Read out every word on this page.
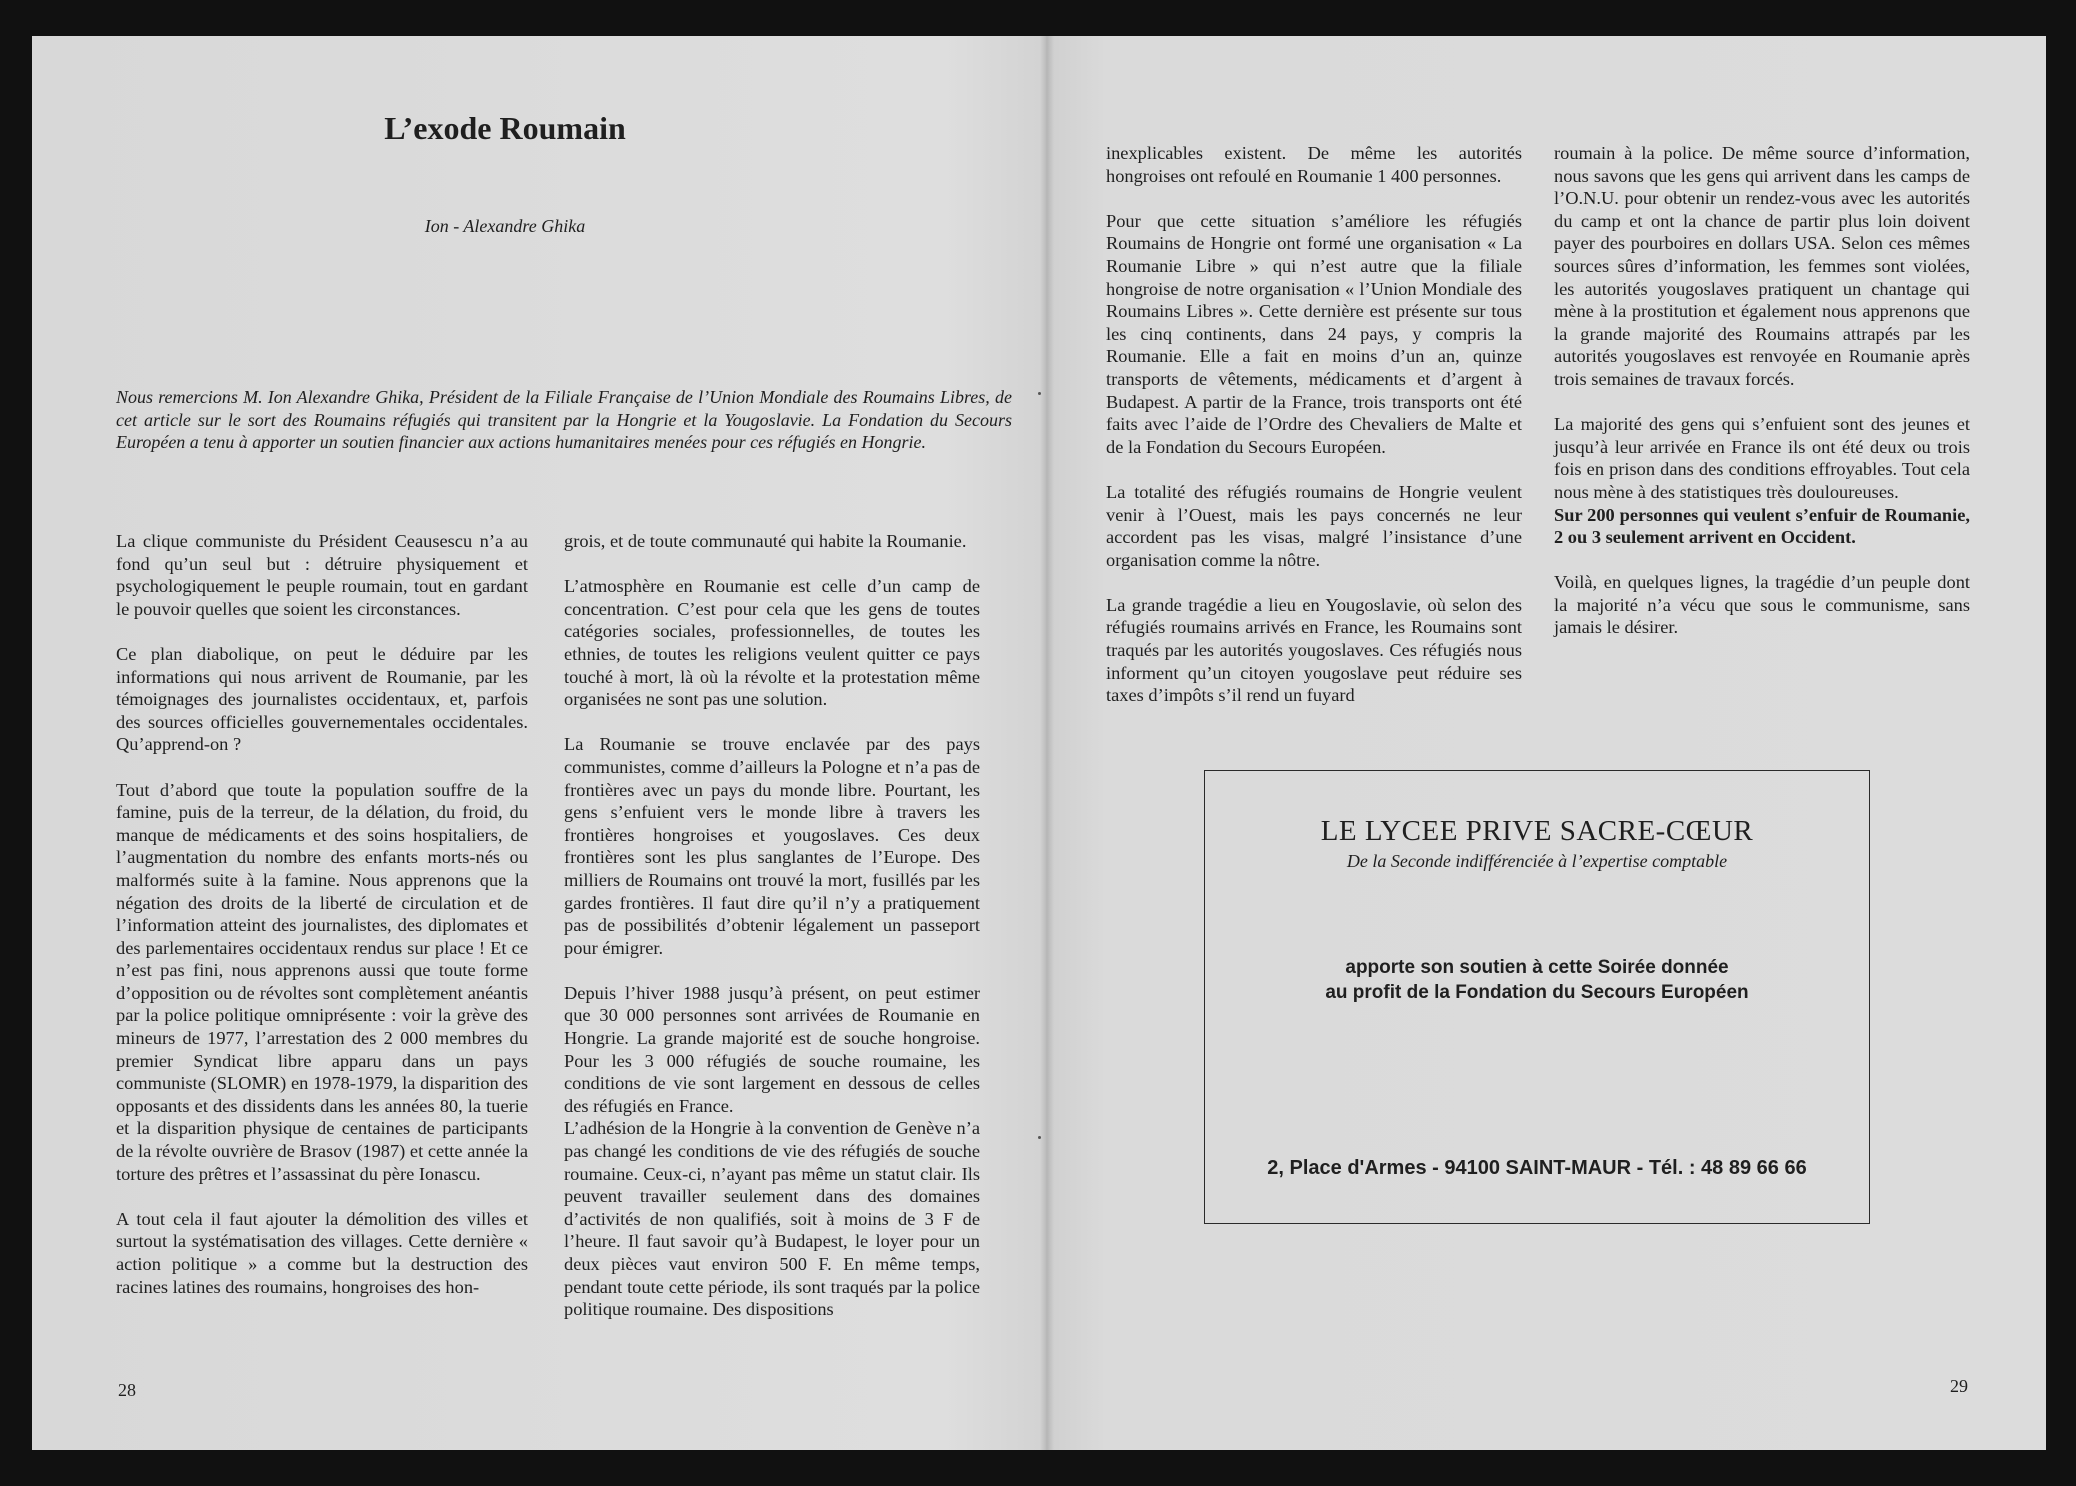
L’exode Roumain
Ion - Alexandre Ghika
Nous remercions M. Ion Alexandre Ghika, Président de la Filiale Française de l’Union Mondiale des Roumains Libres, de cet article sur le sort des Roumains réfugiés qui transitent par la Hongrie et la Yougoslavie. La Fondation du Secours Européen a tenu à apporter un soutien financier aux actions humanitaires menées pour ces réfugiés en Hongrie.

La clique communiste du Président Ceausescu n’a au fond qu’un seul but : détruire physiquement et psychologiquement le peuple roumain, tout en gardant le pouvoir quelles que soient les circonstances.

Ce plan diabolique, on peut le déduire par les informations qui nous arrivent de Roumanie, par les témoignages des journalistes occidentaux, et, parfois des sources officielles gouvernementales occidentales. Qu’apprend-on ?

Tout d’abord que toute la population souffre de la famine, puis de la terreur, de la délation, du froid, du manque de médicaments et des soins hospitaliers, de l’augmentation du nombre des enfants morts-nés ou malformés suite à la famine. Nous apprenons que la négation des droits de la liberté de circulation et de l’information atteint des journalistes, des diplomates et des parlementaires occidentaux rendus sur place ! Et ce n’est pas fini, nous apprenons aussi que toute forme d’opposition ou de révoltes sont complètement anéantis par la police politique omniprésente : voir la grève des mineurs de 1977, l’arrestation des 2 000 membres du premier Syndicat libre apparu dans un pays communiste (SLOMR) en 1978-1979, la disparition des opposants et des dissidents dans les années 80, la tuerie et la disparition physique de centaines de participants de la révolte ouvrière de Brasov (1987) et cette année la torture des prêtres et l’assassinat du père Ionascu.

A tout cela il faut ajouter la démolition des villes et surtout la systématisation des villages. Cette dernière « action politique » a comme but la destruction des racines latines des roumains, hongroises des hon-

grois, et de toute communauté qui habite la Roumanie.

L’atmosphère en Roumanie est celle d’un camp de concentration. C’est pour cela que les gens de toutes catégories sociales, professionnelles, de toutes les ethnies, de toutes les religions veulent quitter ce pays touché à mort, là où la révolte et la protestation même organisées ne sont pas une solution.

La Roumanie se trouve enclavée par des pays communistes, comme d’ailleurs la Pologne et n’a pas de frontières avec un pays du monde libre. Pourtant, les gens s’enfuient vers le monde libre à travers les frontières hongroises et yougoslaves. Ces deux frontières sont les plus sanglantes de l’Europe. Des milliers de Roumains ont trouvé la mort, fusillés par les gardes frontières. Il faut dire qu’il n’y a pratiquement pas de possibilités d’obtenir légalement un passeport pour émigrer.

Depuis l’hiver 1988 jusqu’à présent, on peut estimer que 30 000 personnes sont arrivées de Roumanie en Hongrie. La grande majorité est de souche hongroise. Pour les 3 000 réfugiés de souche roumaine, les conditions de vie sont largement en dessous de celles des réfugiés en France.

L’adhésion de la Hongrie à la convention de Genève n’a pas changé les conditions de vie des réfugiés de souche roumaine. Ceux-ci, n’ayant pas même un statut clair. Ils peuvent travailler seulement dans des domaines d’activités de non qualifiés, soit à moins de 3 F de l’heure. Il faut savoir qu’à Budapest, le loyer pour un deux pièces vaut environ 500 F. En même temps, pendant toute cette période, ils sont traqués par la police politique roumaine. Des dispositions

28

inexplicables existent. De même les autorités hongroises ont refoulé en Roumanie 1 400 personnes.

Pour que cette situation s’améliore les réfugiés Roumains de Hongrie ont formé une organisation « La Roumanie Libre » qui n’est autre que la filiale hongroise de notre organisation « l’Union Mondiale des Roumains Libres ». Cette dernière est présente sur tous les cinq continents, dans 24 pays, y compris la Roumanie. Elle a fait en moins d’un an, quinze transports de vêtements, médicaments et d’argent à Budapest. A partir de la France, trois transports ont été faits avec l’aide de l’Ordre des Chevaliers de Malte et de la Fondation du Secours Européen.

La totalité des réfugiés roumains de Hongrie veulent venir à l’Ouest, mais les pays concernés ne leur accordent pas les visas, malgré l’insistance d’une organisation comme la nôtre.

La grande tragédie a lieu en Yougoslavie, où selon des réfugiés roumains arrivés en France, les Roumains sont traqués par les autorités yougoslaves. Ces réfugiés nous informent qu’un citoyen yougoslave peut réduire ses taxes d’impôts s’il rend un fuyard

roumain à la police. De même source d’information, nous savons que les gens qui arrivent dans les camps de l’O.N.U. pour obtenir un rendez-vous avec les autorités du camp et ont la chance de partir plus loin doivent payer des pourboires en dollars USA. Selon ces mêmes sources sûres d’information, les femmes sont violées, les autorités yougoslaves pratiquent un chantage qui mène à la prostitution et également nous apprenons que la grande majorité des Roumains attrapés par les autorités yougoslaves est renvoyée en Roumanie après trois semaines de travaux forcés.

La majorité des gens qui s’enfuient sont des jeunes et jusqu’à leur arrivée en France ils ont été deux ou trois fois en prison dans des conditions effroyables. Tout cela nous mène à des statistiques très douloureuses.

Sur 200 personnes qui veulent s’enfuir de Roumanie, 2 ou 3 seulement arrivent en Occident.

Voilà, en quelques lignes, la tragédie d’un peuple dont la majorité n’a vécu que sous le communisme, sans jamais le désirer.

LE LYCEE PRIVE SACRE-CŒUR
De la Seconde indifférenciée à l’expertise comptable
apporte son soutien à cette Soirée donnée
au profit de la Fondation du Secours Européen
2, Place d'Armes - 94100 SAINT-MAUR - Tél. : 48 89 66 66
29
